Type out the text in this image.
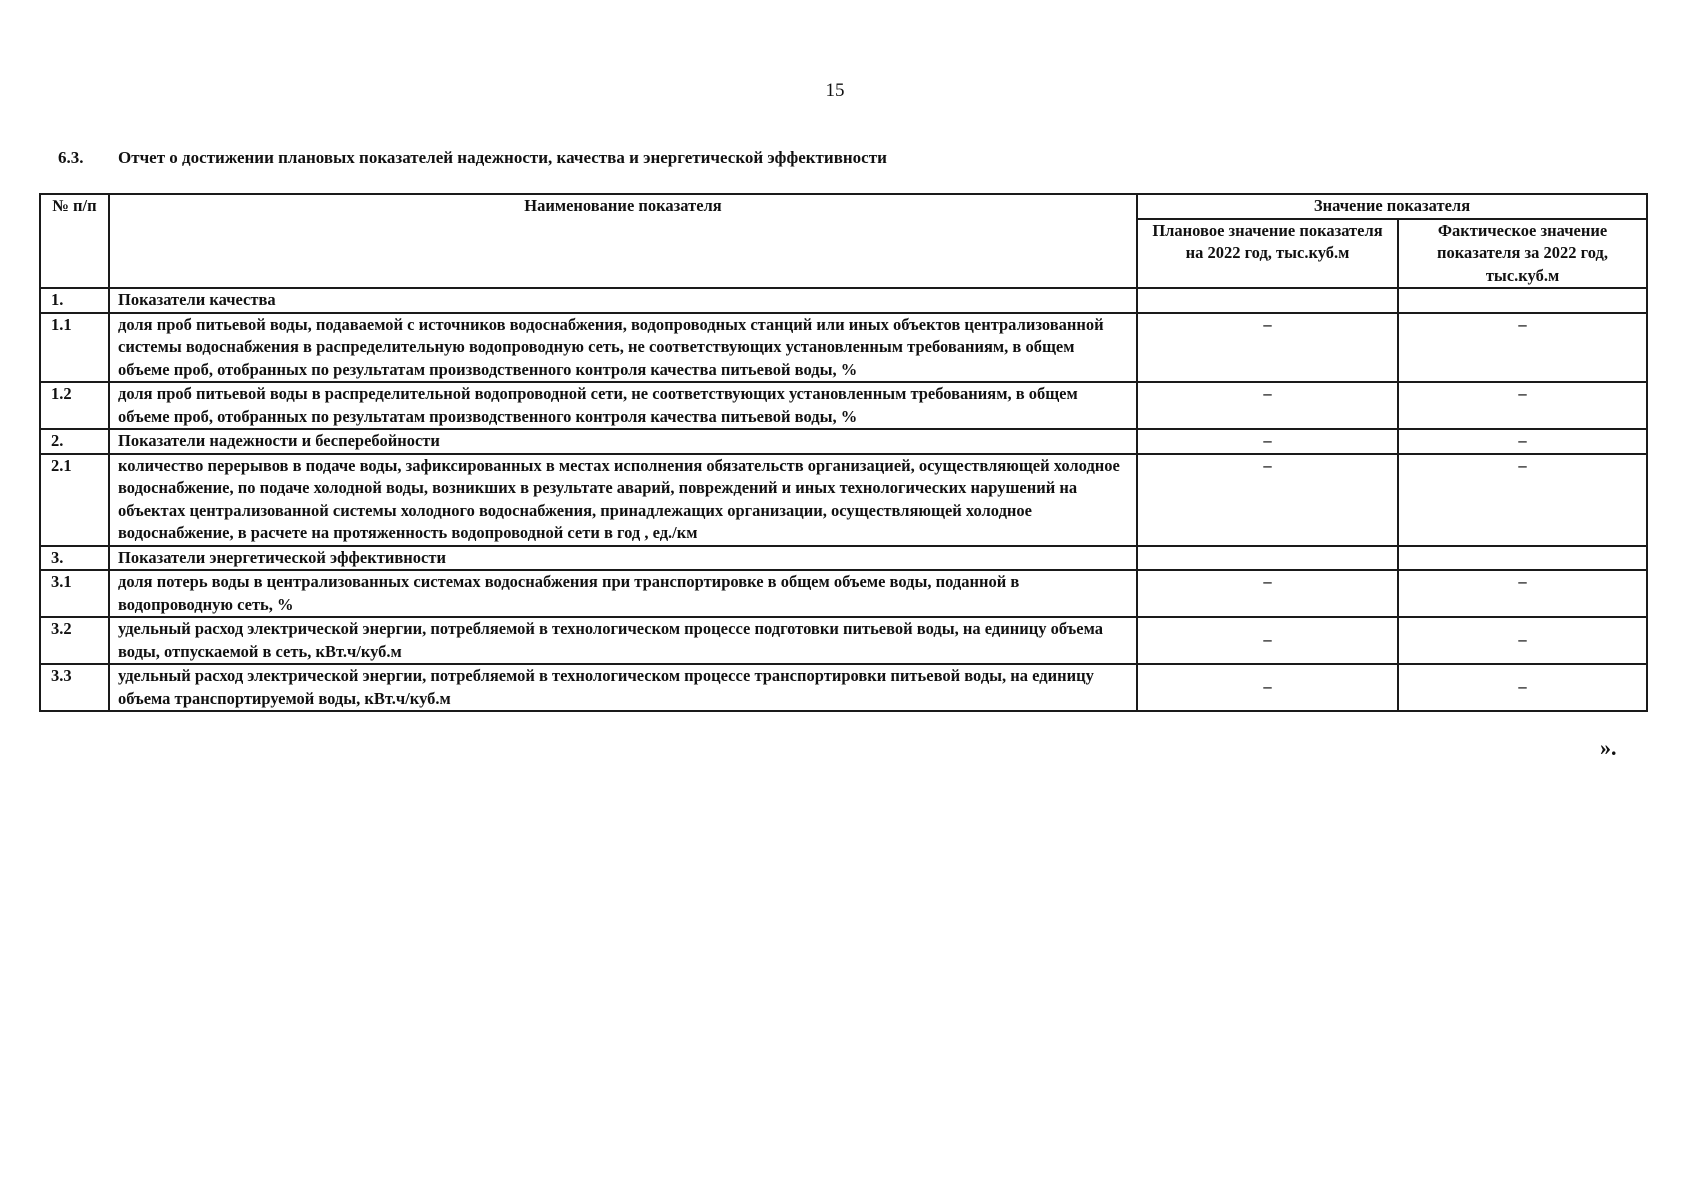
15
6.3. Отчет о достижении плановых показателей надежности, качества и энергетической эффективности
№ п/п	Наименование показателя	Значение показателя	
		Плановое значение показателя на 2022 год, тыс.куб.м	Фактическое значение показателя за 2022 год, тыс.куб.м
1.	Показатели качества		
1.1	доля проб питьевой воды, подаваемой с источников водоснабжения, водопроводных станций или иных объектов централизованной системы водоснабжения в распределительную водопроводную сеть, не соответствующих установленным требованиям, в общем объеме проб, отобранных по результатам производственного контроля качества питьевой воды, %	–	–
1.2	доля проб питьевой воды в распределительной водопроводной сети, не соответствующих установленным требованиям, в общем объеме проб, отобранных по результатам производственного контроля качества питьевой воды, %	–	–
2.	Показатели надежности и бесперебойности	–	–
2.1	количество перерывов в подаче воды, зафиксированных в местах исполнения обязательств организацией, осуществляющей холодное водоснабжение, по подаче холодной воды, возникших в результате аварий, повреждений и иных технологических нарушений на объектах централизованной системы холодного водоснабжения, принадлежащих организации, осуществляющей холодное водоснабжение, в расчете на протяженность водопроводной сети в год , ед./км	–	–
3.	Показатели энергетической эффективности		
3.1	доля потерь воды в централизованных системах водоснабжения при транспортировке в общем объеме воды, поданной в водопроводную сеть, %	–	–
3.2	удельный расход электрической энергии, потребляемой в технологическом процессе подготовки питьевой воды, на единицу объема воды, отпускаемой в сеть, кВт.ч/куб.м	–	–
3.3	удельный расход электрической энергии, потребляемой в технологическом процессе транспортировки питьевой воды, на единицу объема транспортируемой воды, кВт.ч/куб.м	–	–
».
